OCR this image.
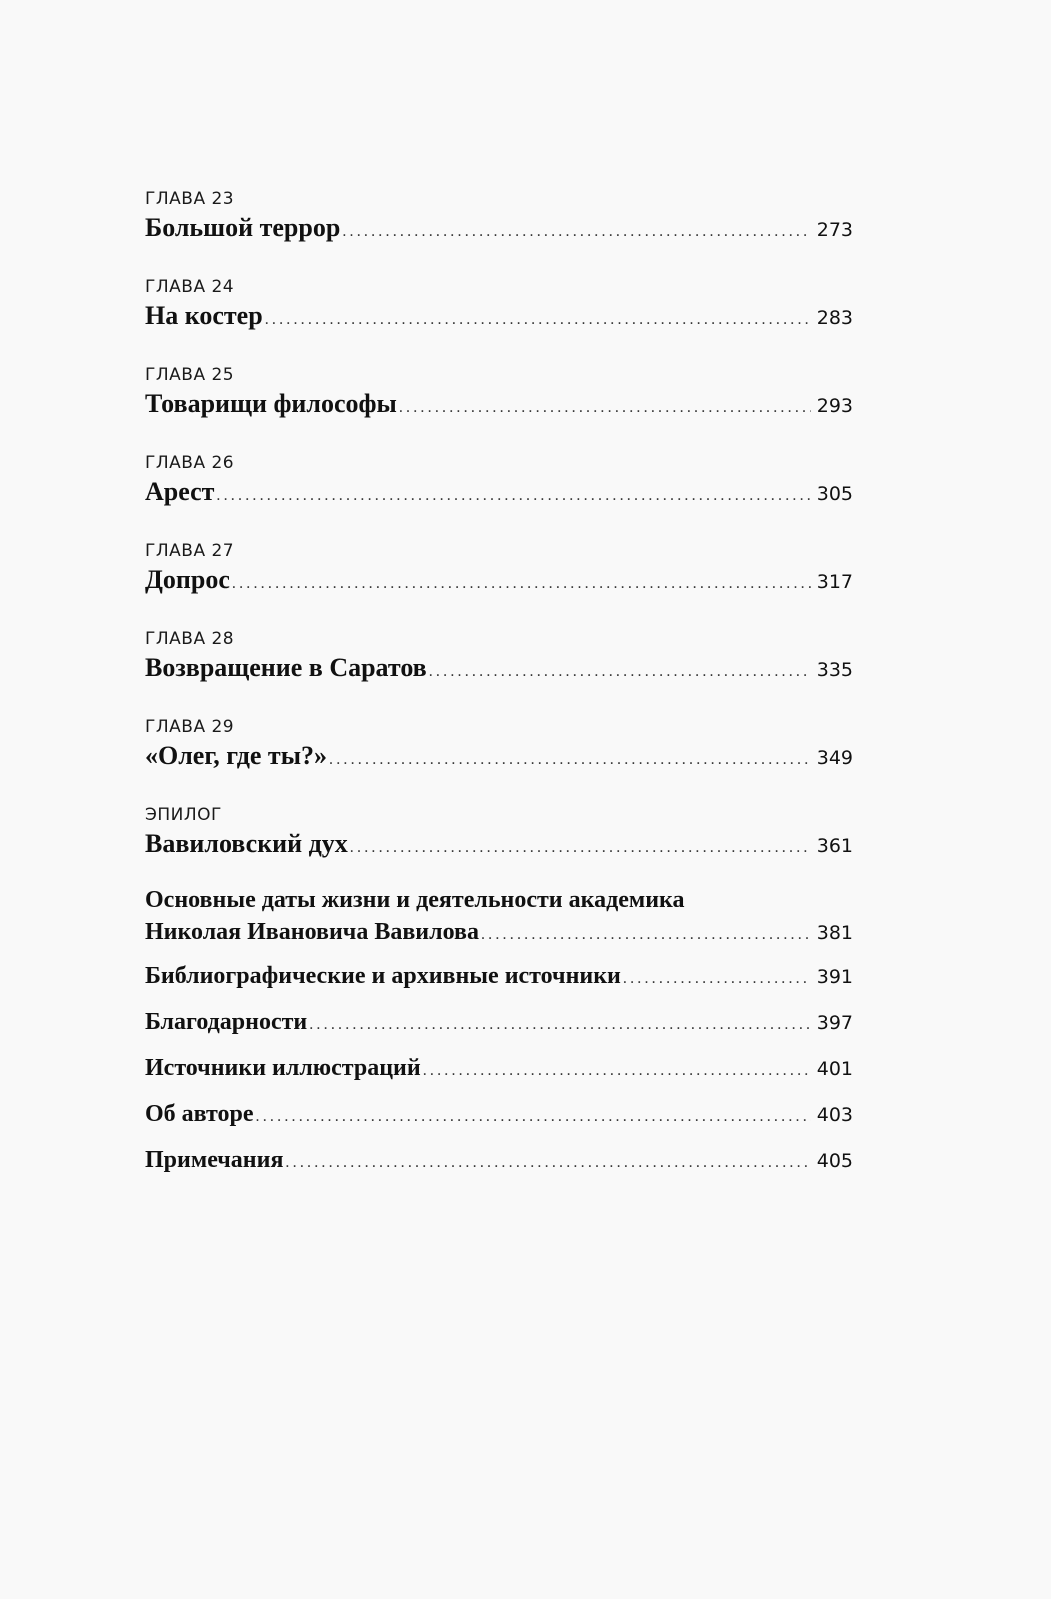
ГЛАВА 23
Большой террор .....	273
ГЛАВА 24
На костер .....	283
ГЛАВА 25
Товарищи философы .....	293
ГЛАВА 26
Арест .....	305
ГЛАВА 27
Допрос .....	317
ГЛАВА 28
Возвращение в Саратов .....	335
ГЛАВА 29
«Олег, где ты?» .....	349
ЭПИЛОГ
Вавиловский дух .....	361
Основные даты жизни и деятельности академика
Николая Ивановича Вавилова .....	381
Библиографические и архивные источники .....	391
Благодарности .....	397
Источники иллюстраций .....	401
Об авторе .....	403
Примечания .....	405
